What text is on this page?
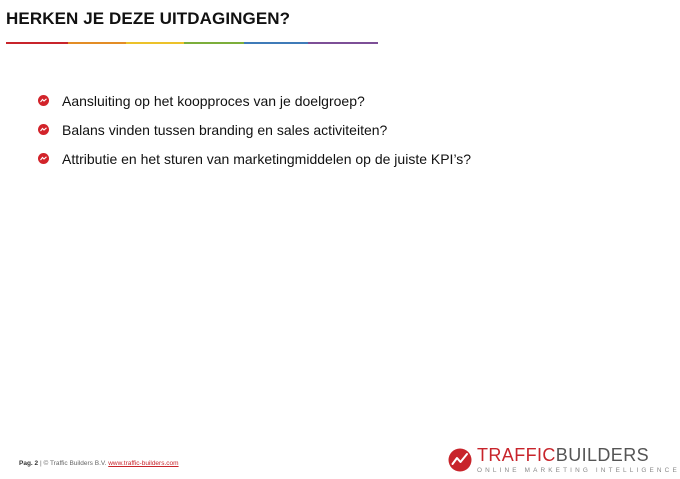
HERKEN JE DEZE UITDAGINGEN?
Aansluiting op het koopproces van je doelgroep?
Balans vinden tussen branding en sales activiteiten?
Attributie en het sturen van marketingmiddelen op de juiste KPI’s?
Pag. 2 | © Traffic Builders B.V. www.traffic-builders.com	TRAFFICBUILDERS
ONLINE MARKETING INTELLIGENCE
